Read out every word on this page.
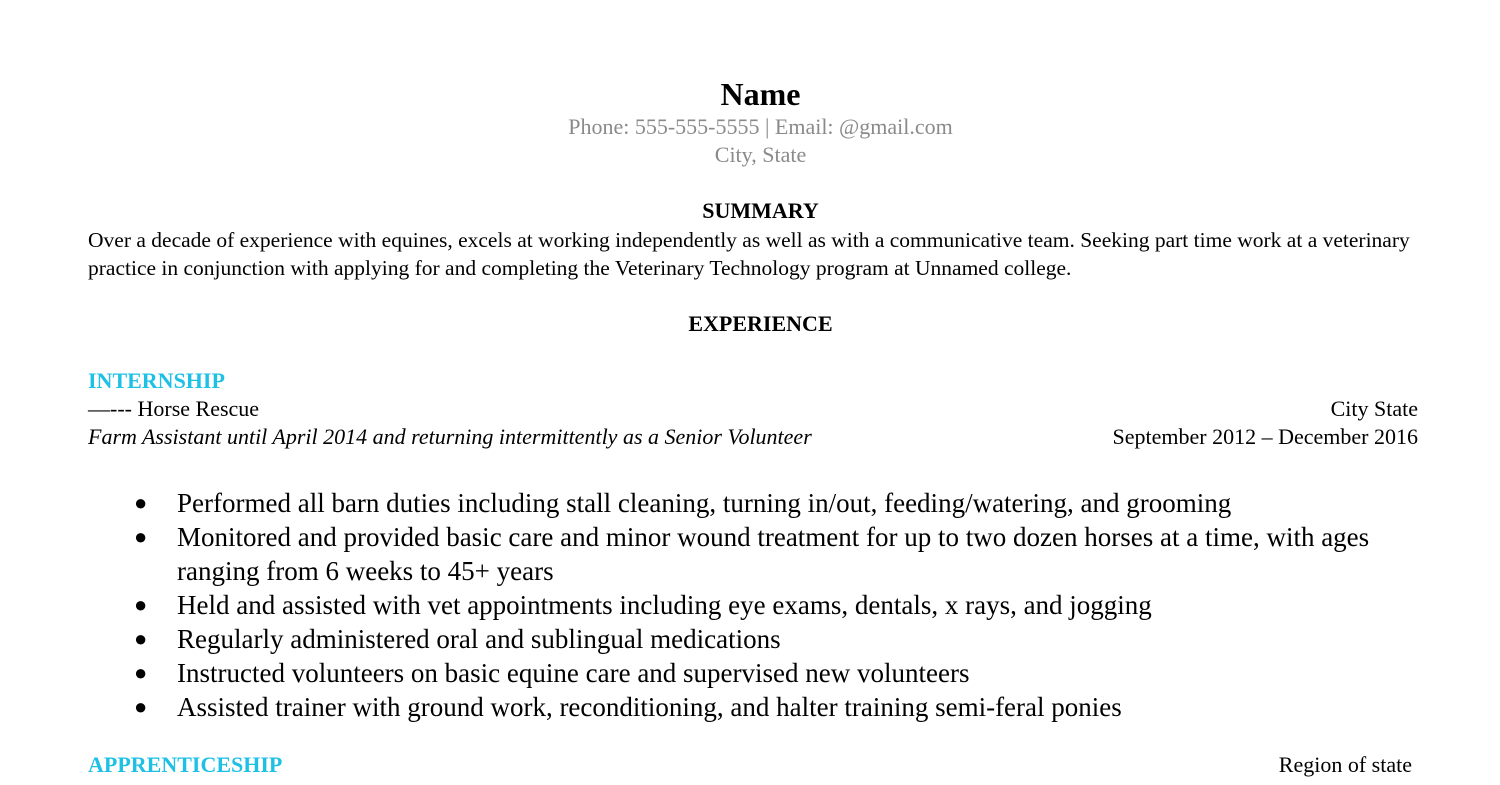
Name
Phone: 555-555-5555 | Email: @gmail.com
City, State
SUMMARY
Over a decade of experience with equines, excels at working independently as well as with a communicative team. Seeking part time work at a veterinary practice in conjunction with applying for and completing the Veterinary Technology program at Unnamed college.
EXPERIENCE
INTERNSHIP
—--- Horse Rescue	City State
Farm Assistant until April 2014 and returning intermittently as a Senior Volunteer	September 2012 – December 2016
● Performed all barn duties including stall cleaning, turning in/out, feeding/watering, and grooming
● Monitored and provided basic care and minor wound treatment for up to two dozen horses at a time, with ages ranging from 6 weeks to 45+ years
● Held and assisted with vet appointments including eye exams, dentals, x rays, and jogging
● Regularly administered oral and sublingual medications
● Instructed volunteers on basic equine care and supervised new volunteers
● Assisted trainer with ground work, reconditioning, and halter training semi-feral ponies
APPRENTICESHIP	Region of state
